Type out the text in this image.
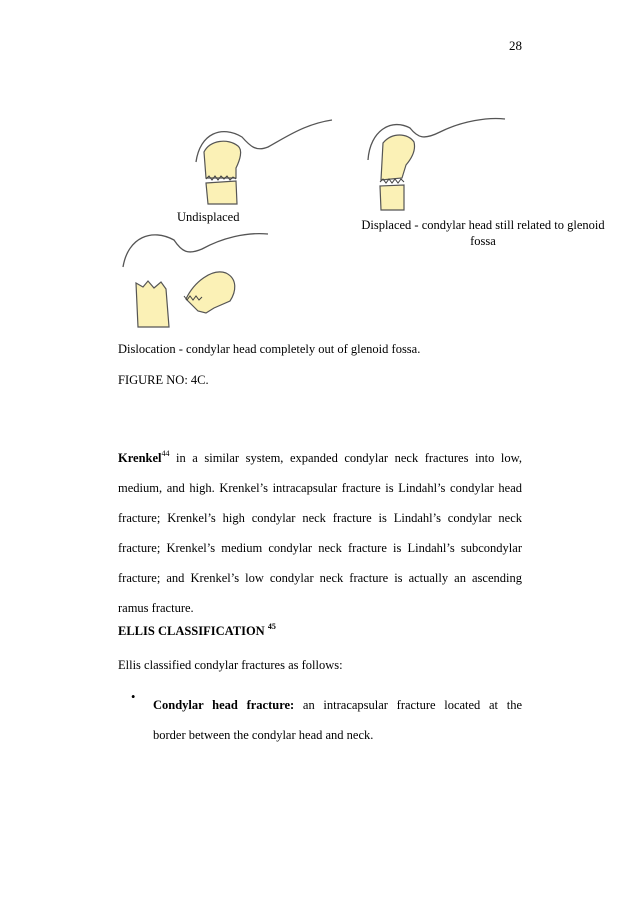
28
Undisplaced
Displaced - condylar head still related to glenoid fossa
Dislocation - condylar head completely out of glenoid fossa.
FIGURE NO: 4C.
Krenkel$^{44}$ in a similar system, expanded condylar neck fractures into low,
medium, and high. Krenkel’s intracapsular fracture is Lindahl’s condylar head
fracture; Krenkel’s high condylar neck fracture is Lindahl’s condylar neck
fracture; Krenkel’s medium condylar neck fracture is Lindahl’s subcondylar
fracture; and Krenkel’s low condylar neck fracture is actually an ascending
ramus fracture.
ELLIS CLASSIFICATION $^{45}$
Ellis classified condylar fractures as follows:
•
Condylar head fracture: an intracapsular fracture located at the
border between the condylar head and neck.
